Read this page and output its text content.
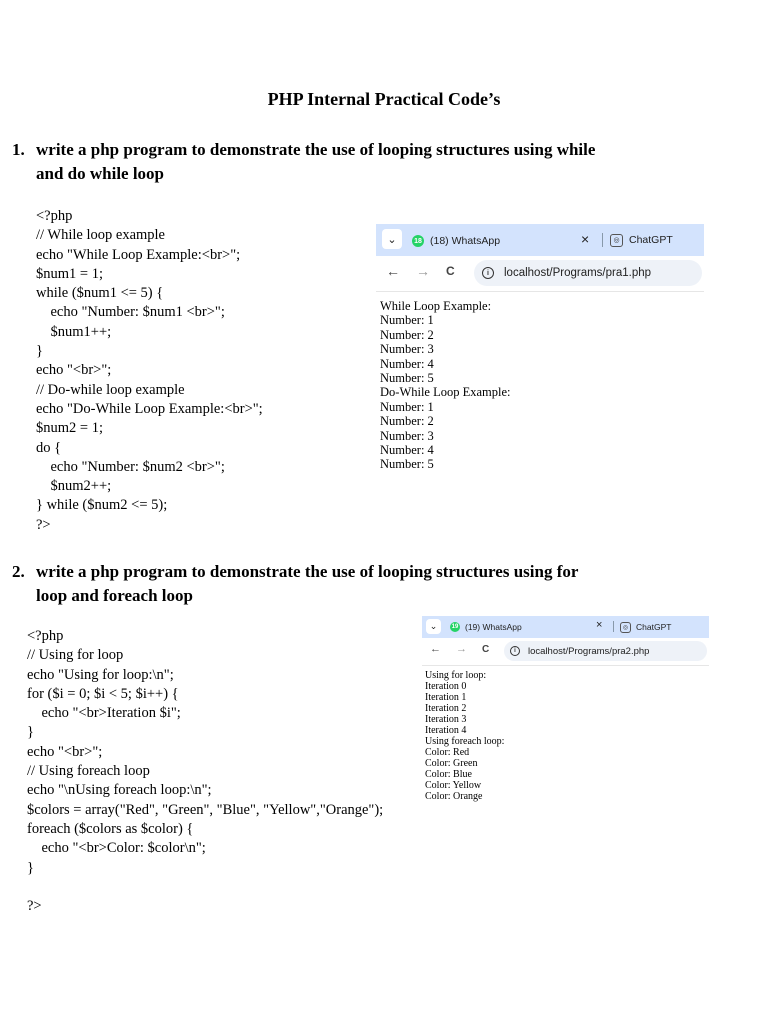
PHP Internal Practical Code’s
1. write a php program to demonstrate the use of looping structures using while
and do while loop
<?php
// While loop example
echo "While Loop Example:<br>";
$num1 = 1;
while ($num1 <= 5) {
echo "Number: $num1 <br>";
$num1++;
}
echo "<br>";
// Do-while loop example
echo "Do-While Loop Example:<br>";
$num2 = 1;
do {
echo "Number: $num2 <br>";
$num2++;
} while ($num2 <= 5);
?>
⌄	18 (18) WhatsApp	×	◎ ChatGPT
← → C	i	localhost/Programs/pra1.php
While Loop Example:
Number: 1
Number: 2
Number: 3
Number: 4
Number: 5
Do-While Loop Example:
Number: 1
Number: 2
Number: 3
Number: 4
Number: 5
2. write a php program to demonstrate the use of looping structures using for
loop and foreach loop
<?php
// Using for loop
echo "Using for loop:\n";
for ($i = 0; $i < 5; $i++) {
echo "<br>Iteration $i";
}
echo "<br>";
// Using foreach loop
echo "\nUsing foreach loop:\n";
$colors = array("Red", "Green", "Blue", "Yellow","Orange");
foreach ($colors as $color) {
echo "<br>Color: $color\n";
}
?>
⌄	19 (19) WhatsApp	×	◎ ChatGPT
← → C	i	localhost/Programs/pra2.php
Using for loop:
Iteration 0
Iteration 1
Iteration 2
Iteration 3
Iteration 4
Using foreach loop:
Color: Red
Color: Green
Color: Blue
Color: Yellow
Color: Orange
